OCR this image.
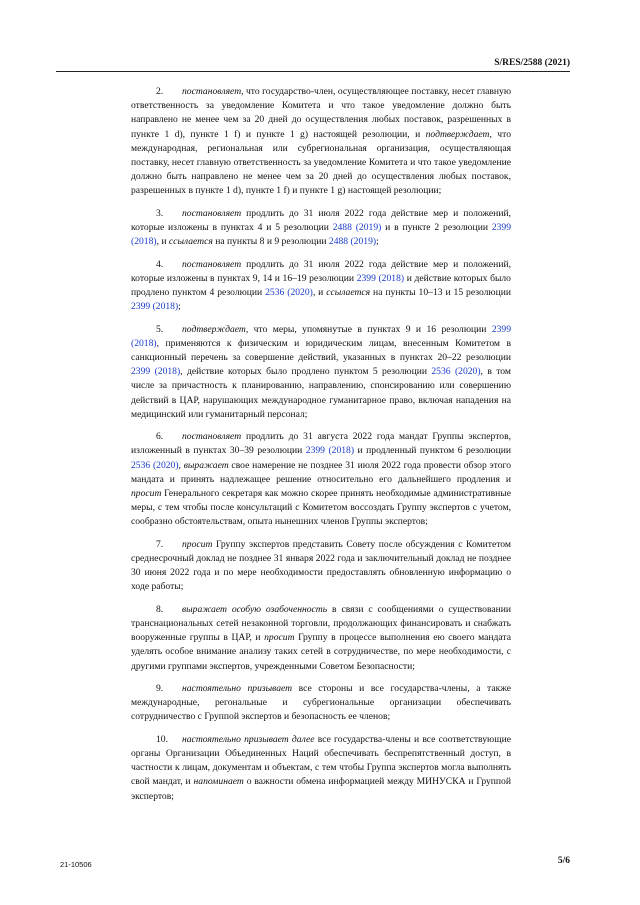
S/RES/2588 (2021)

2. постановляет, что государство-член, осуществляющее поставку, несет главную ответственность за уведомление Комитета и что такое уведомление должно быть направлено не менее чем за 20 дней до осуществления любых поставок, разрешенных в пункте 1 d), пункте 1 f) и пункте 1 g) настоящей резолюции, и подтверждает, что международная, региональная или субрегиональная организация, осуществляющая поставку, несет главную ответственность за уведомление Комитета и что такое уведомление должно быть направлено не менее чем за 20 дней до осуществления любых поставок, разрешенных в пункте 1 d), пункте 1 f) и пункте 1 g) настоящей резолюции;

3. постановляет продлить до 31 июля 2022 года действие мер и положений, которые изложены в пунктах 4 и 5 резолюции 2488 (2019) и в пункте 2 резолюции 2399 (2018), и ссылается на пункты 8 и 9 резолюции 2488 (2019);

4. постановляет продлить до 31 июля 2022 года действие мер и положений, которые изложены в пунктах 9, 14 и 16–19 резолюции 2399 (2018) и действие которых было продлено пунктом 4 резолюции 2536 (2020), и ссылается на пункты 10–13 и 15 резолюции 2399 (2018);

5. подтверждает, что меры, упомянутые в пунктах 9 и 16 резолюции 2399 (2018), применяются к физическим и юридическим лицам, внесенным Комитетом в санкционный перечень за совершение действий, указанных в пунктах 20–22 резолюции 2399 (2018), действие которых было продлено пунктом 5 резолюции 2536 (2020), в том числе за причастность к планированию, направлению, спонсированию или совершению действий в ЦАР, нарушающих международное гуманитарное право, включая нападения на медицинский или гуманитарный персонал;

6. постановляет продлить до 31 августа 2022 года мандат Группы экспертов, изложенный в пунктах 30–39 резолюции 2399 (2018) и продленный пунктом 6 резолюции 2536 (2020), выражает свое намерение не позднее 31 июля 2022 года провести обзор этого мандата и принять надлежащее решение относительно его дальнейшего продления и просит Генерального секретаря как можно скорее принять необходимые административные меры, с тем чтобы после консультаций с Комитетом воссоздать Группу экспертов с учетом, сообразно обстоятельствам, опыта нынешних членов Группы экспертов;

7. просит Группу экспертов представить Совету после обсуждения с Комитетом среднесрочный доклад не позднее 31 января 2022 года и заключительный доклад не позднее 30 июня 2022 года и по мере необходимости предоставлять обновленную информацию о ходе работы;

8. выражает особую озабоченность в связи с сообщениями о существовании транснациональных сетей незаконной торговли, продолжающих финансировать и снабжать вооруженные группы в ЦАР, и просит Группу в процессе выполнения ею своего мандата уделять особое внимание анализу таких сетей в сотрудничестве, по мере необходимости, с другими группами экспертов, учрежденными Советом Безопасности;

9. настоятельно призывает все стороны и все государства-члены, а также международные, регональные и субрегиональные организации обеспечивать сотрудничество с Группой экспертов и безопасность ее членов;

10. настоятельно призывает далее все государства-члены и все соответствующие органы Организации Объединенных Наций обеспечивать беспрепятственный доступ, в частности к лицам, документам и объектам, с тем чтобы Группа экспертов могла выполнять свой мандат, и напоминает о важности обмена информацией между МИНУСКА и Группой экспертов;

21-10506	5/6
